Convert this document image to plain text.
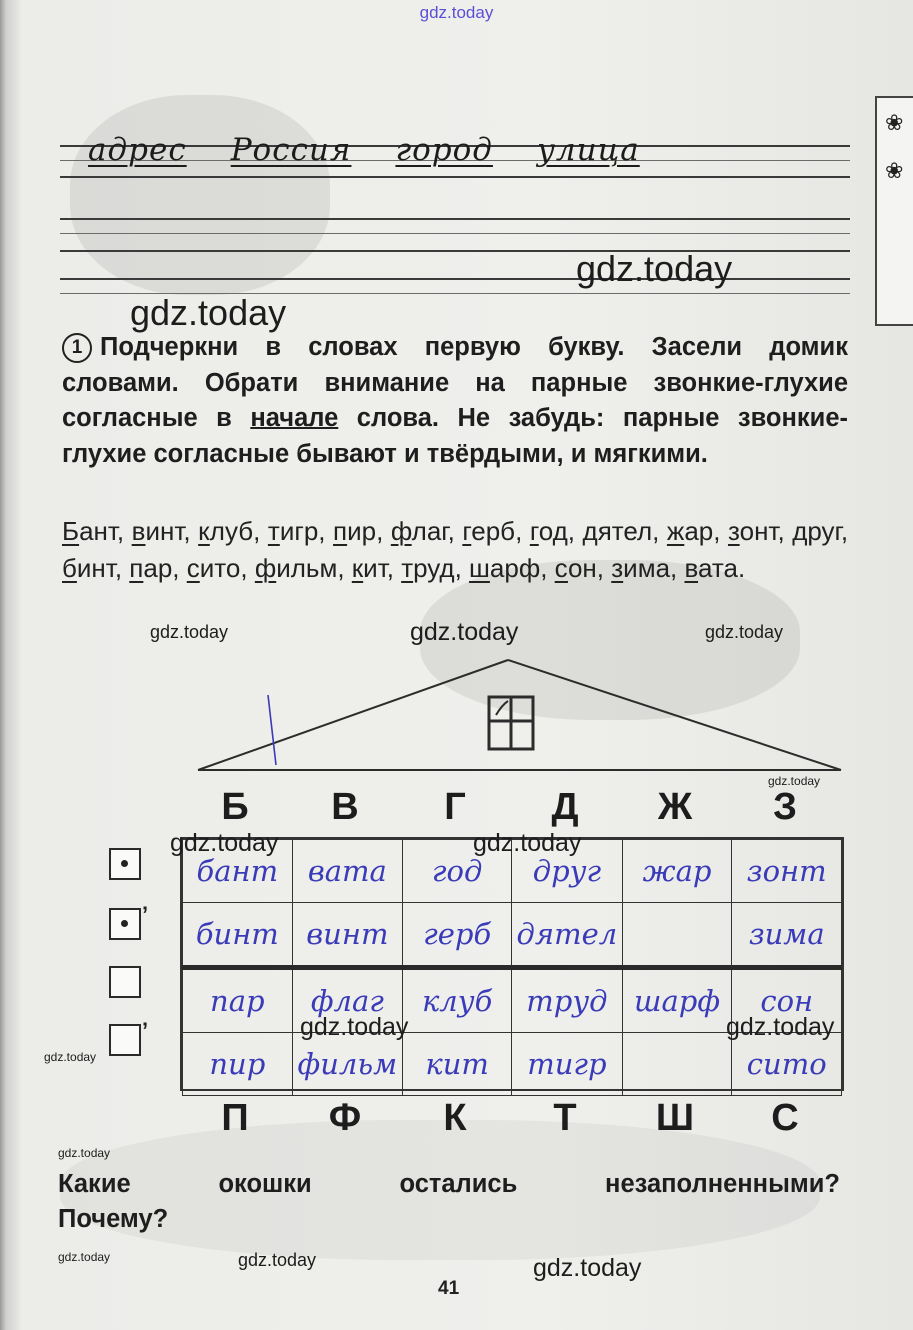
gdz.today
❀
❀
адрес Россия город улица
1 Подчеркни в словах первую букву. Засели домик словами. Обрати внимание на парные звонкие-глухие согласные в начале слова. Не забудь: парные звонкие-глухие согласные бывают и твёрдыми, и мягкими.
Бант, винт, клуб, тигр, пир, флаг, герб, год, дятел, жар, зонт, друг, бинт, пар, сито, фильм, кит, труд, шарф, сон, зима, вата.
Б	В	Г	Д	Ж	З
бант	вата	год	друг	жар	зонт
бинт	винт	герб	дятел		зима
пар	флаг	клуб	труд	шарф	сон
пир	фильм	кит	тигр		сито
’
’
П	Ф	К	Т	Ш	С
Какие	окошки	остались	незаполненными?
Почему?
41
gdz.today
gdz.today
gdz.today	gdz.today	gdz.today
gdz.today
gdz.today	gdz.today
gdz.today	gdz.today
gdz.today
gdz.today
gdz.today	gdz.today	gdz.today
